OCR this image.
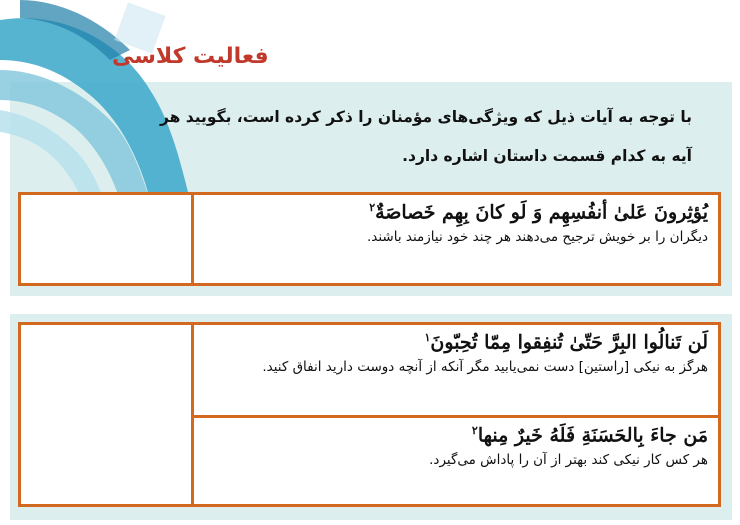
فعالیت کلاسی
با توجه به آیات ذیل که ویژگی‌های مؤمنان را ذکر کرده است، بگویید هر
آیه به کدام قسمت داستان اشاره دارد.
یُؤثِرونَ عَلیٰ أنفُسِهِم وَ لَو کانَ بِهِم خَصاصَةٌ$^۲$
دیگران را بر خویش ترجیح می‌دهند هر چند خود نیازمند باشند.

لَن تَنالُوا البِرَّ حَتّیٰ تُنفِقوا مِمّا تُحِبّونَ$^۱$
هرگز به نیکی [راستین] دست نمی‌یابید مگر آنکه از آنچه دوست دارید انفاق کنید.
مَن جاءَ بِالحَسَنَةِ فَلَهُ خَیرٌ مِنها$^۲$
هر کس کار نیکی کند بهتر از آن را پاداش می‌گیرد.
